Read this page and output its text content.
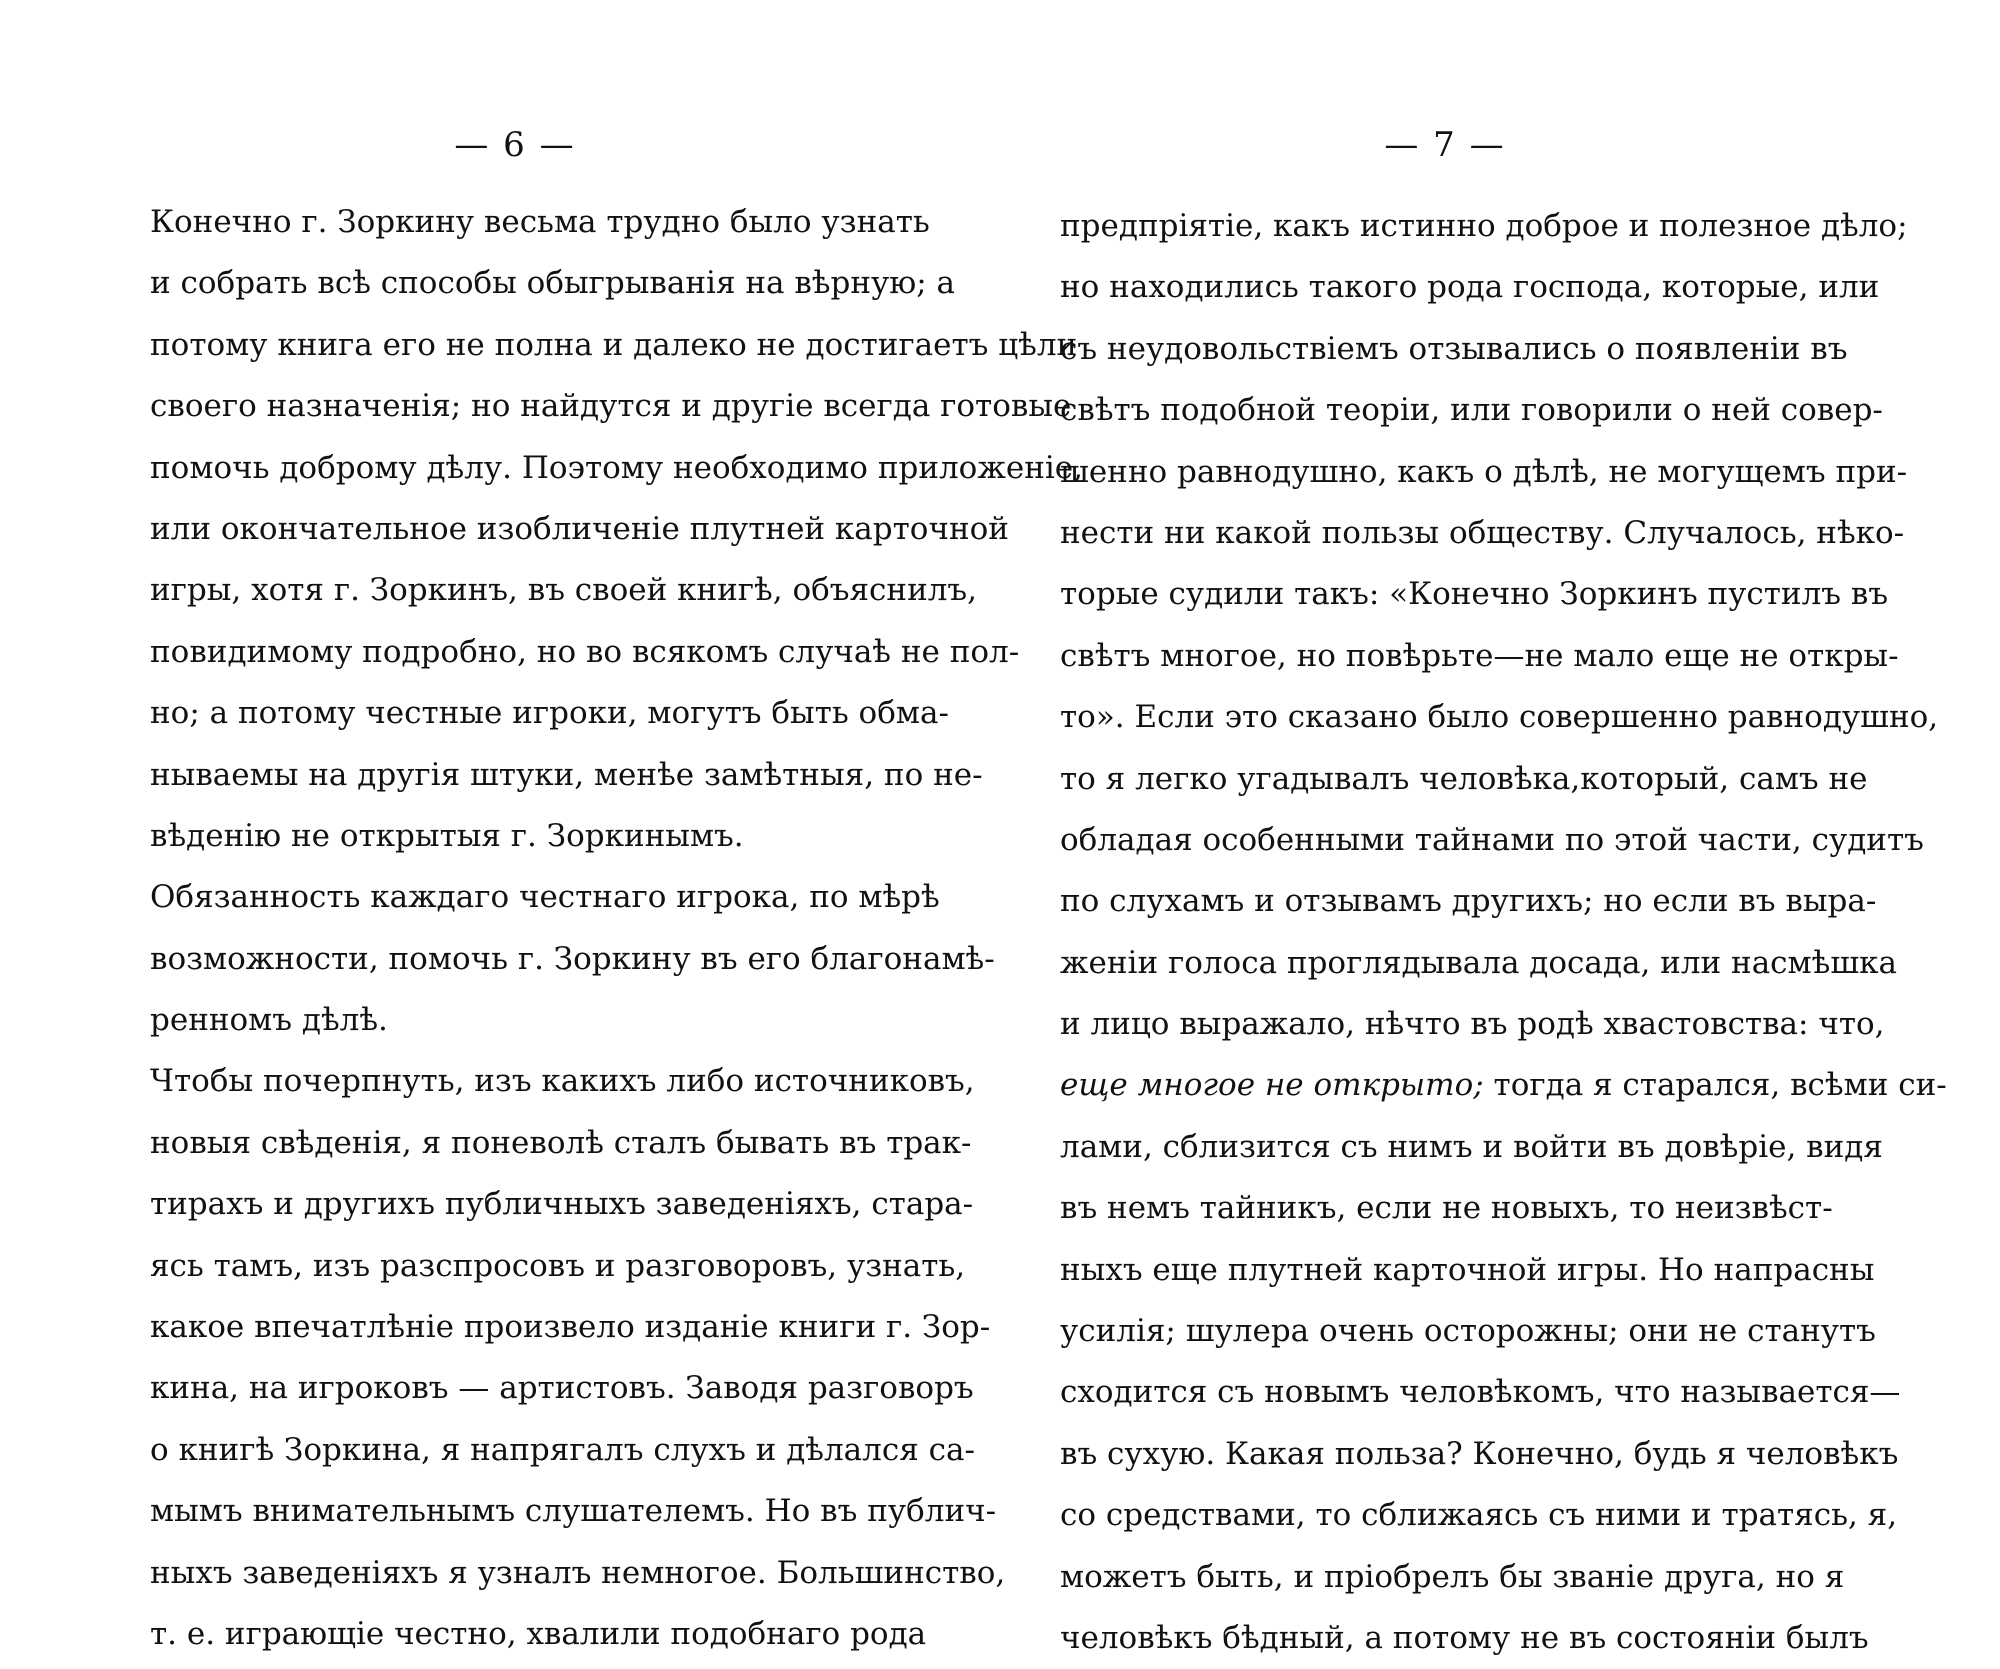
— 6 —
Конечно г. Зоркину весьма трудно было узнать
и собрать всѣ способы обыгрыванія на вѣрную; а
потому книга его не полна и далеко не достигаетъ цѣли
своего назначенія; но найдутся и другіе всегда готовые
помочь доброму дѣлу. Поэтому необходимо приложеніе,
или окончательное изобличеніе плутней карточной
игры, хотя г. Зоркинъ, въ своей книгѣ, объяснилъ,
повидимому подробно, но во всякомъ случаѣ не пол-
но; а потому честные игроки, могутъ быть обма-
нываемы на другія штуки, менѣе замѣтныя, по не-
вѣденію не открытыя г. Зоркинымъ.
Обязанность каждаго честнаго игрока, по мѣрѣ
возможности, помочь г. Зоркину въ его благонамѣ-
ренномъ дѣлѣ.
Чтобы почерпнуть, изъ какихъ либо источниковъ,
новыя свѣденія, я поневолѣ сталъ бывать въ трак-
тирахъ и другихъ публичныхъ заведеніяхъ, стара-
ясь тамъ, изъ разспросовъ и разговоровъ, узнать,
какое впечатлѣніе произвело изданіе книги г. Зор-
кина, на игроковъ — артистовъ. Заводя разговоръ
о книгѣ Зоркина, я напрягалъ слухъ и дѣлался са-
мымъ внимательнымъ слушателемъ. Но въ публич-
ныхъ заведеніяхъ я узналъ немногое. Большинство,
т. е. играющіе честно, хвалили подобнаго рода
— 7 —
предпріятіе, какъ истинно доброе и полезное дѣло;
но находились такого рода господа, которые, или
съ неудовольствіемъ отзывались о появленіи въ
свѣтъ подобной теоріи, или говорили о ней совер-
шенно равнодушно, какъ о дѣлѣ, не могущемъ при-
нести ни какой пользы обществу. Случалось, нѣко-
торые судили такъ: «Конечно Зоркинъ пустилъ въ
свѣтъ многое, но повѣрьте—не мало еще не откры-
то». Если это сказано было совершенно равнодушно,
то я легко угадывалъ человѣка,который, самъ не
обладая особенными тайнами по этой части, судитъ
по слухамъ и отзывамъ другихъ; но если въ выра-
женіи голоса проглядывала досада, или насмѣшка
и лицо выражало, нѣчто въ родѣ хвастовства: что,
еще многое не открыто; тогда я старался, всѣми си-
лами, сблизится съ нимъ и войти въ довѣріе, видя
въ немъ тайникъ, если не новыхъ, то неизвѣст-
ныхъ еще плутней карточной игры. Но напрасны
усилія; шулера очень осторожны; они не станутъ
сходится съ новымъ человѣкомъ, что называется—
въ сухую. Какая польза? Конечно, будь я человѣкъ
со средствами, то сближаясь съ ними и тратясь, я,
можетъ быть, и пріобрелъ бы званіе друга, но я
человѣкъ бѣдный, а потому не въ состояніи былъ
